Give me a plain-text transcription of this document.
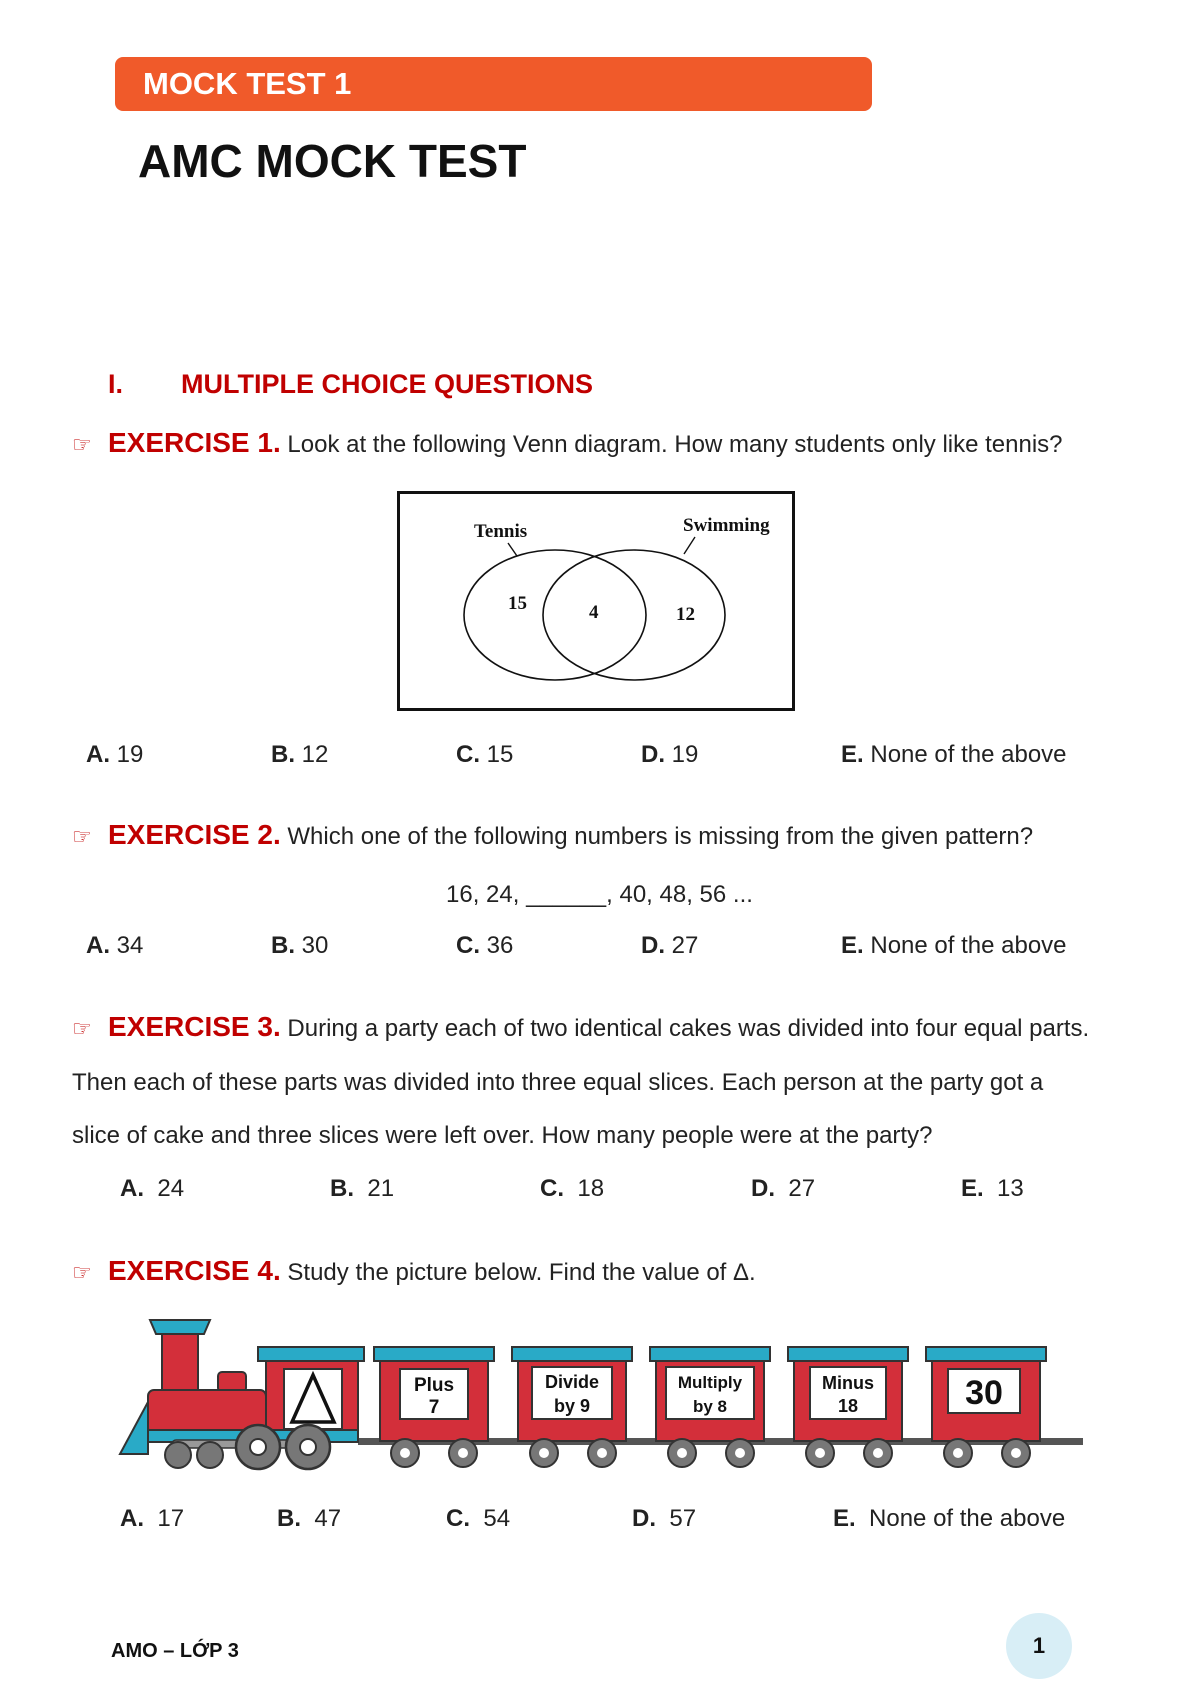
MOCK TEST 1
AMC MOCK TEST
I. MULTIPLE CHOICE QUESTIONS
☞ EXERCISE 1. Look at the following Venn diagram. How many students only like tennis?
Tennis	Swimming
15	4	12
A. 19	B. 12	C. 15	D. 19	E. None of the above
☞ EXERCISE 2. Which one of the following numbers is missing from the given pattern?
16, 24, ______, 40, 48, 56 ...
A. 34	B. 30	C. 36	D. 27	E. None of the above
☞ EXERCISE 3. During a party each of two identical cakes was divided into four equal parts.
Then each of these parts was divided into three equal slices. Each person at the party got a
slice of cake and three slices were left over. How many people were at the party?
A. 24	B. 21	C. 18	D. 27	E. 13
☞ EXERCISE 4. Study the picture below. Find the value of Δ.
Plus
7
Divide
by 9
Multiply
by 8
Minus
18	30
A. 17	B. 47	C. 54	D. 57	E. None of the above
AMO – LỚP 3	1
